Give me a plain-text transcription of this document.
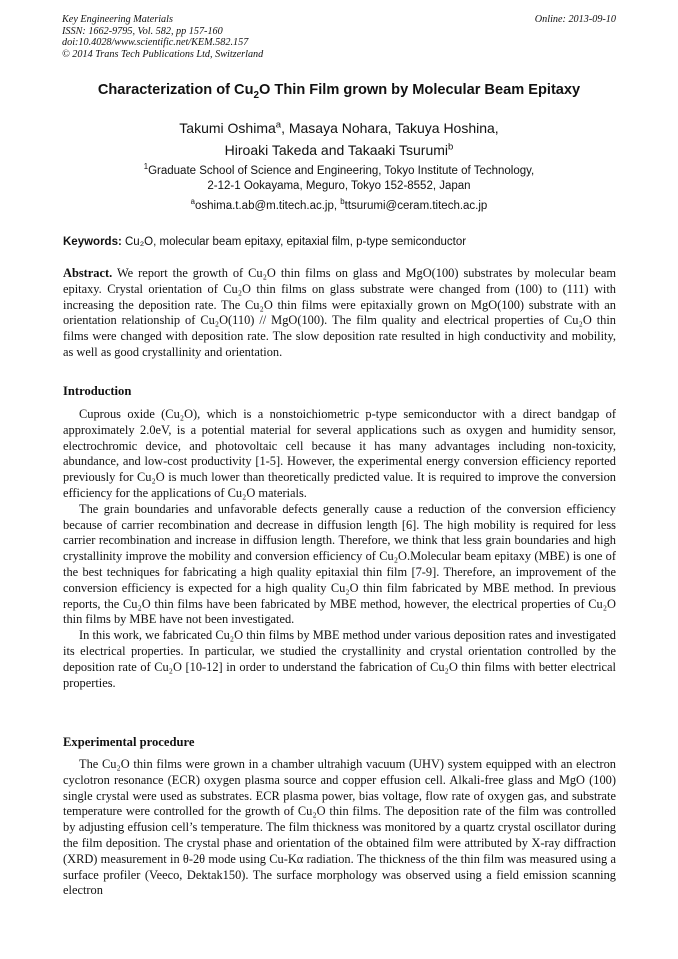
Key Engineering Materials
ISSN: 1662-9795, Vol. 582, pp 157-160
doi:10.4028/www.scientific.net/KEM.582.157
© 2014 Trans Tech Publications Ltd, Switzerland
Online: 2013-09-10
Characterization of $Cu_2O$ Thin Film grown by Molecular Beam Epitaxy
Takumi Oshima$^a$, Masaya Nohara, Takuya Hoshina,
Hiroaki Takeda and Takaaki Tsurumi$^b$
$^1$Graduate School of Science and Engineering, Tokyo Institute of Technology,
2-12-1 Ookayama, Meguro, Tokyo 152-8552, Japan
$^a$oshima.t.ab@m.titech.ac.jp, $^b$ttsurumi@ceram.titech.ac.jp
Keywords: Cu₂O, molecular beam epitaxy, epitaxial film, p-type semiconductor

Abstract. We report the growth of Cu₂O thin films on glass and MgO(100) substrates by molecular beam epitaxy. Crystal orientation of Cu₂O thin films on glass substrate were changed from (100) to (111) with increasing the deposition rate. The Cu₂O thin films were epitaxially grown on MgO(100) substrate with an orientation relationship of Cu₂O(110) // MgO(100). The film quality and electrical properties of Cu₂O thin films were changed with deposition rate. The slow deposition rate resulted in high conductivity and mobility, as well as good crystallinity and orientation.

Introduction

Cuprous oxide (Cu₂O), which is a nonstoichiometric p-type semiconductor with a direct bandgap of approximately 2.0eV, is a potential material for several applications such as oxygen and humidity sensor, electrochromic device, and photovoltaic cell because it has many advantages including non-toxicity, abundance, and low-cost productivity [1-5]. However, the experimental energy conversion efficiency reported previously for Cu₂O is much lower than theoretically predicted value. It is required to improve the conversion efficiency for the applications of Cu₂O materials.

The grain boundaries and unfavorable defects generally cause a reduction of the conversion efficiency because of carrier recombination and decrease in diffusion length [6]. The high mobility is required for less carrier recombination and increase in diffusion length. Therefore, we think that less grain boundaries and high crystallinity improve the mobility and conversion efficiency of Cu₂O.Molecular beam epitaxy (MBE) is one of the best techniques for fabricating a high quality epitaxial thin film [7-9]. Therefore, an improvement of the conversion efficiency is expected for a high quality Cu₂O thin film fabricated by MBE method. In previous reports, the Cu₂O thin films have been fabricated by MBE method, however, the electrical properties of Cu₂O thin films by MBE have not been investigated.

In this work, we fabricated Cu₂O thin films by MBE method under various deposition rates and investigated its electrical properties. In particular, we studied the crystallinity and crystal orientation controlled by the deposition rate of Cu₂O [10-12] in order to understand the fabrication of Cu₂O thin films with better electrical properties.

Experimental procedure

The Cu₂O thin films were grown in a chamber ultrahigh vacuum (UHV) system equipped with an electron cyclotron resonance (ECR) oxygen plasma source and copper effusion cell. Alkali-free glass and MgO (100) single crystal were used as substrates. ECR plasma power, bias voltage, flow rate of oxygen gas, and substrate temperature were controlled for the growth of Cu₂O thin films. The deposition rate of the film was controlled by adjusting effusion cell’s temperature. The film thickness was monitored by a quartz crystal oscillator during the film deposition. The crystal phase and orientation of the obtained film were attributed by X-ray diffraction (XRD) measurement in θ-2θ mode using Cu-Kα radiation. The thickness of the thin film was measured using a surface profiler (Veeco, Dektak150). The surface morphology was observed using a field emission scanning electron
